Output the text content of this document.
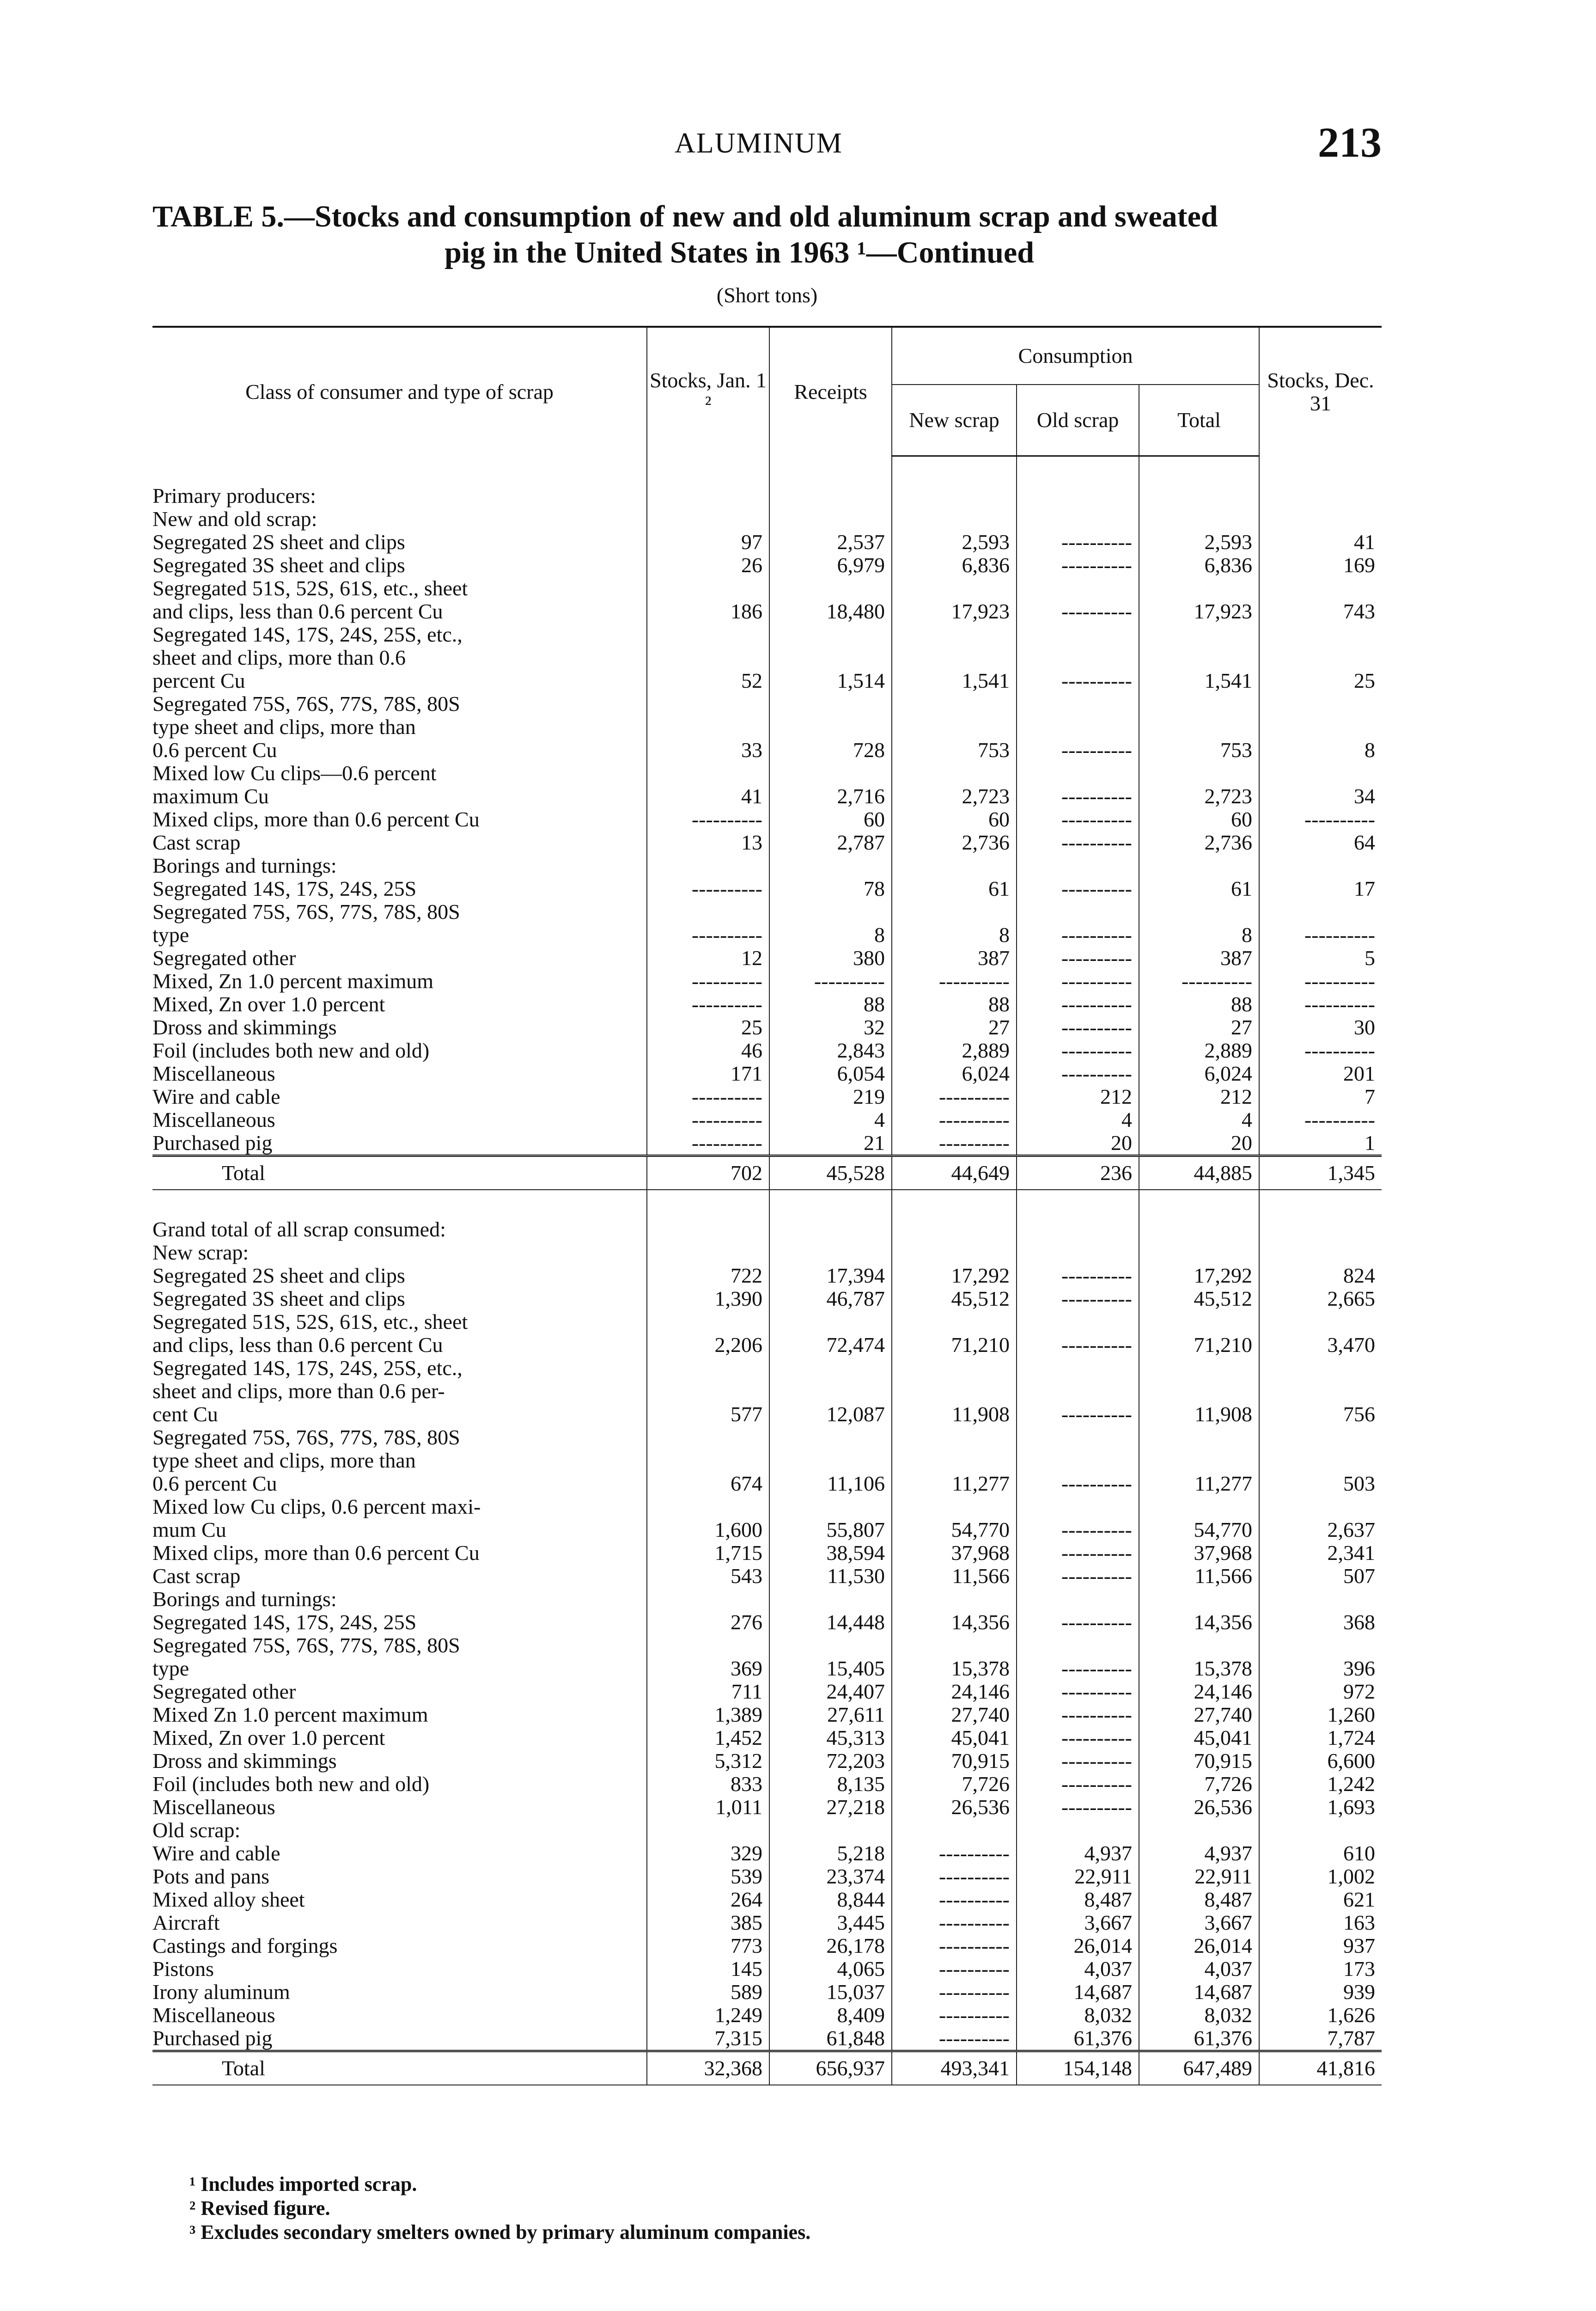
ALUMINUM	213
TABLE 5.—Stocks and consumption of new and old aluminum scrap and sweated
pig in the United States in 1963 ¹—Continued
(Short tons)
Class of consumer and type of scrap	Stocks, Jan. 1 ²	Receipts	Consumption			Stocks, Dec. 31
			New scrap	Old scrap	Total	

Primary producers:						
New and old scrap:						
Segregated 2S sheet and clips	97	2,537	2,593	----------	2,593	41
Segregated 3S sheet and clips	26	6,979	6,836	----------	6,836	169
Segregated 51S, 52S, 61S, etc., sheet						
and clips, less than 0.6 percent Cu	186	18,480	17,923	----------	17,923	743
Segregated 14S, 17S, 24S, 25S, etc.,						
sheet and clips, more than 0.6						
percent Cu	52	1,514	1,541	----------	1,541	25
Segregated 75S, 76S, 77S, 78S, 80S						
type sheet and clips, more than						
0.6 percent Cu	33	728	753	----------	753	8
Mixed low Cu clips—0.6 percent						
maximum Cu	41	2,716	2,723	----------	2,723	34
Mixed clips, more than 0.6 percent Cu	----------	60	60	----------	60	----------
Cast scrap	13	2,787	2,736	----------	2,736	64
Borings and turnings:						
Segregated 14S, 17S, 24S, 25S	----------	78	61	----------	61	17
Segregated 75S, 76S, 77S, 78S, 80S						
type	----------	8	8	----------	8	----------
Segregated other	12	380	387	----------	387	5
Mixed, Zn 1.0 percent maximum	----------	----------	----------	----------	----------	----------
Mixed, Zn over 1.0 percent	----------	88	88	----------	88	----------
Dross and skimmings	25	32	27	----------	27	30
Foil (includes both new and old)	46	2,843	2,889	----------	2,889	----------
Miscellaneous	171	6,054	6,024	----------	6,024	201
Wire and cable	----------	219	----------	212	212	7
Miscellaneous	----------	4	----------	4	4	----------
Purchased pig	----------	21	----------	20	20	1
Total	702	45,528	44,649	236	44,885	1,345

Grand total of all scrap consumed:						
New scrap:						
Segregated 2S sheet and clips	722	17,394	17,292	----------	17,292	824
Segregated 3S sheet and clips	1,390	46,787	45,512	----------	45,512	2,665
Segregated 51S, 52S, 61S, etc., sheet						
and clips, less than 0.6 percent Cu	2,206	72,474	71,210	----------	71,210	3,470
Segregated 14S, 17S, 24S, 25S, etc.,						
sheet and clips, more than 0.6 per-						
cent Cu	577	12,087	11,908	----------	11,908	756
Segregated 75S, 76S, 77S, 78S, 80S						
type sheet and clips, more than						
0.6 percent Cu	674	11,106	11,277	----------	11,277	503
Mixed low Cu clips, 0.6 percent maxi-						
mum Cu	1,600	55,807	54,770	----------	54,770	2,637
Mixed clips, more than 0.6 percent Cu	1,715	38,594	37,968	----------	37,968	2,341
Cast scrap	543	11,530	11,566	----------	11,566	507
Borings and turnings:						
Segregated 14S, 17S, 24S, 25S	276	14,448	14,356	----------	14,356	368
Segregated 75S, 76S, 77S, 78S, 80S						
type	369	15,405	15,378	----------	15,378	396
Segregated other	711	24,407	24,146	----------	24,146	972
Mixed Zn 1.0 percent maximum	1,389	27,611	27,740	----------	27,740	1,260
Mixed, Zn over 1.0 percent	1,452	45,313	45,041	----------	45,041	1,724
Dross and skimmings	5,312	72,203	70,915	----------	70,915	6,600
Foil (includes both new and old)	833	8,135	7,726	----------	7,726	1,242
Miscellaneous	1,011	27,218	26,536	----------	26,536	1,693
Old scrap:						
Wire and cable	329	5,218	----------	4,937	4,937	610
Pots and pans	539	23,374	----------	22,911	22,911	1,002
Mixed alloy sheet	264	8,844	----------	8,487	8,487	621
Aircraft	385	3,445	----------	3,667	3,667	163
Castings and forgings	773	26,178	----------	26,014	26,014	937
Pistons	145	4,065	----------	4,037	4,037	173
Irony aluminum	589	15,037	----------	14,687	14,687	939
Miscellaneous	1,249	8,409	----------	8,032	8,032	1,626
Purchased pig	7,315	61,848	----------	61,376	61,376	7,787
Total	32,368	656,937	493,341	154,148	647,489	41,816
¹ Includes imported scrap.
² Revised figure.
³ Excludes secondary smelters owned by primary aluminum companies.
